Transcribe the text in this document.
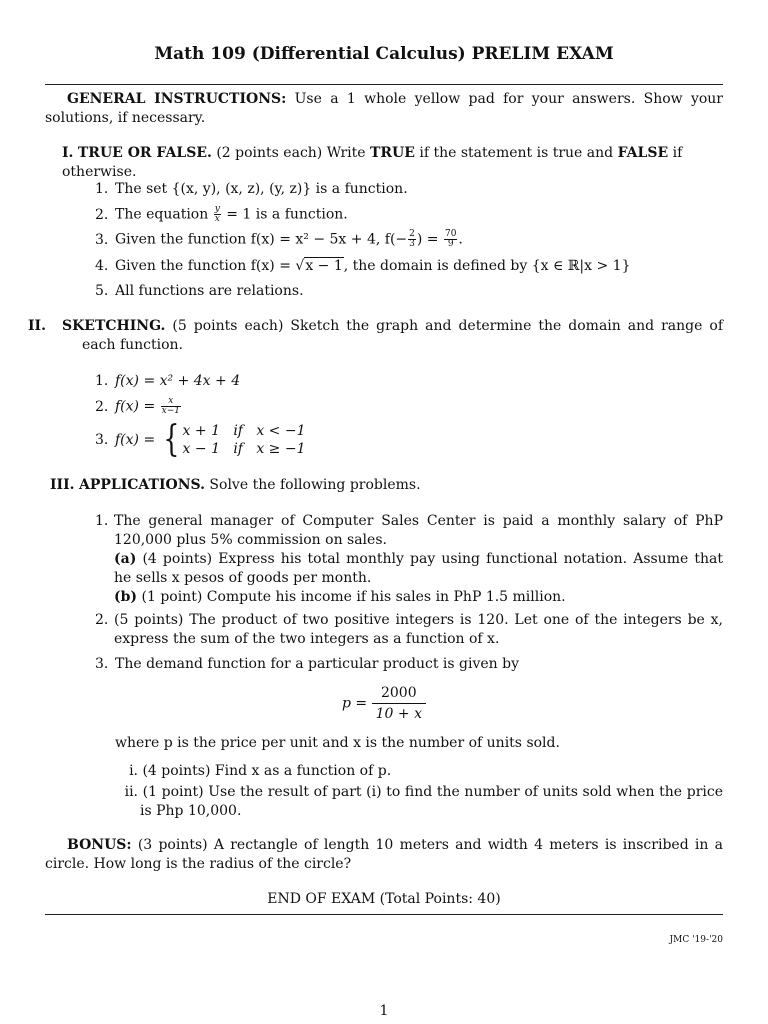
Math 109 (Differential Calculus) PRELIM EXAM
GENERAL INSTRUCTIONS: Use a 1 whole yellow pad for your answers. Show your solutions, if necessary.
I. TRUE OR FALSE. (2 points each) Write TRUE if the statement is true and FALSE if otherwise.
1. The set {(x, y), (x, z), (y, z)} is a function.
2. The equation $\frac{y}{x} = 1$ is a function.
3. Given the function f(x) = x² − 5x + 4, $f(- \frac{2}{3}$ ) = $\frac{70}{9}$ .
4. Given the function f(x) = √x − 1, the domain is defined by {x ∈ ℝ|x > 1}
5. All functions are relations.
II. SKETCHING. (5 points each) Sketch the graph and determine the domain and range of each function.
1. f(x) = x² + 4x + 4
2. $f(x) = \frac{x}{x-1}$
3. f(x) = { x + 1   if   x < −1
x − 1   if   x ≥ −1
III. APPLICATIONS. Solve the following problems.
1. The general manager of Computer Sales Center is paid a monthly salary of PhP 120,000 plus 5% commission on sales.
(a) (4 points) Express his total monthly pay using functional notation. Assume that he sells x pesos of goods per month.
(b) (1 point) Compute his income if his sales in PhP 1.5 million.
2. (5 points) The product of two positive integers is 120. Let one of the integers be x, express the sum of the two integers as a function of x.
3. The demand function for a particular product is given by
$p = \frac{2000}{10 + x}$
where p is the price per unit and x is the number of units sold.
i. (4 points) Find x as a function of p.
ii. (1 point) Use the result of part (i) to find the number of units sold when the price is Php 10,000.
BONUS: (3 points) A rectangle of length 10 meters and width 4 meters is inscribed in a circle. How long is the radius of the circle?
END OF EXAM (Total Points: 40)
JMC '19-'20
1
